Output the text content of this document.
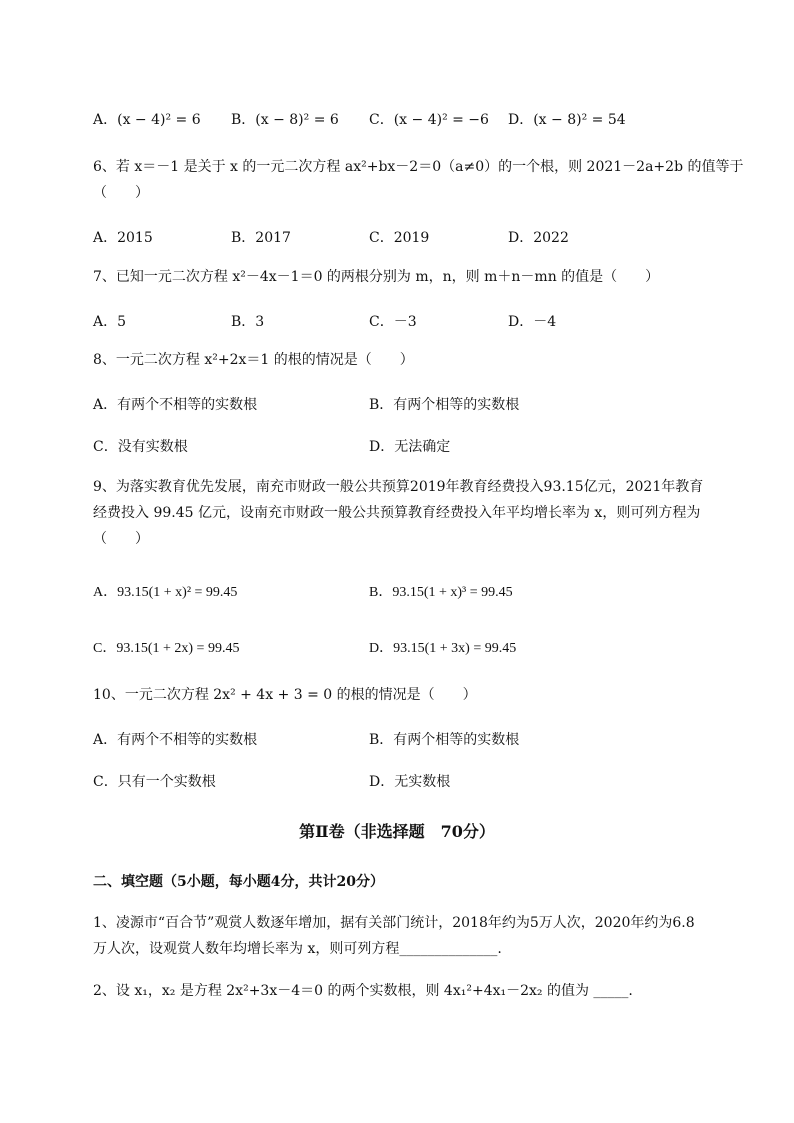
A．(x − 4)² = 6 B．(x − 8)² = 6 C．(x − 4)² = −6 D．(x − 8)² = 54
6、若 x＝－1 是关于 x 的一元二次方程 ax²+bx－2＝0（a≠0）的一个根，则 2021－2a+2b 的值等于
（　　）
A．2015	B．2017	C．2019	D．2022
7、已知一元二次方程 x²－4x－1＝0 的两根分别为 m，n，则 m＋n－mn 的值是（　　）
A．5	B．3	C．－3	D．－4
8、一元二次方程 x²+2x＝1 的根的情况是（　　）
A．有两个不相等的实数根	B．有两个相等的实数根
C．没有实数根	D．无法确定
9、为落实教育优先发展，南充市财政一般公共预算2019年教育经费投入93.15亿元，2021年教育
经费投入 99.45 亿元，设南充市财政一般公共预算教育经费投入年平均增长率为 x，则可列方程为
（　　）
A．93.15(1 + x)² = 99.45	B．93.15(1 + x)³ = 99.45
C．93.15(1 + 2x) = 99.45	D．93.15(1 + 3x) = 99.45
10、一元二次方程 2x² + 4x + 3 = 0 的根的情况是（　　）
A．有两个不相等的实数根	B．有两个相等的实数根
C．只有一个实数根	D．无实数根
第Ⅱ卷（非选择题　70分）
二、填空题（5小题，每小题4分，共计20分）
1、凌源市“百合节”观赏人数逐年增加，据有关部门统计，2018年约为5万人次，2020年约为6.8
万人次，设观赏人数年均增长率为 x，则可列方程______________.
2、设 x₁，x₂ 是方程 2x²+3x－4＝0 的两个实数根，则 4x₁²+4x₁－2x₂ 的值为 _____.
